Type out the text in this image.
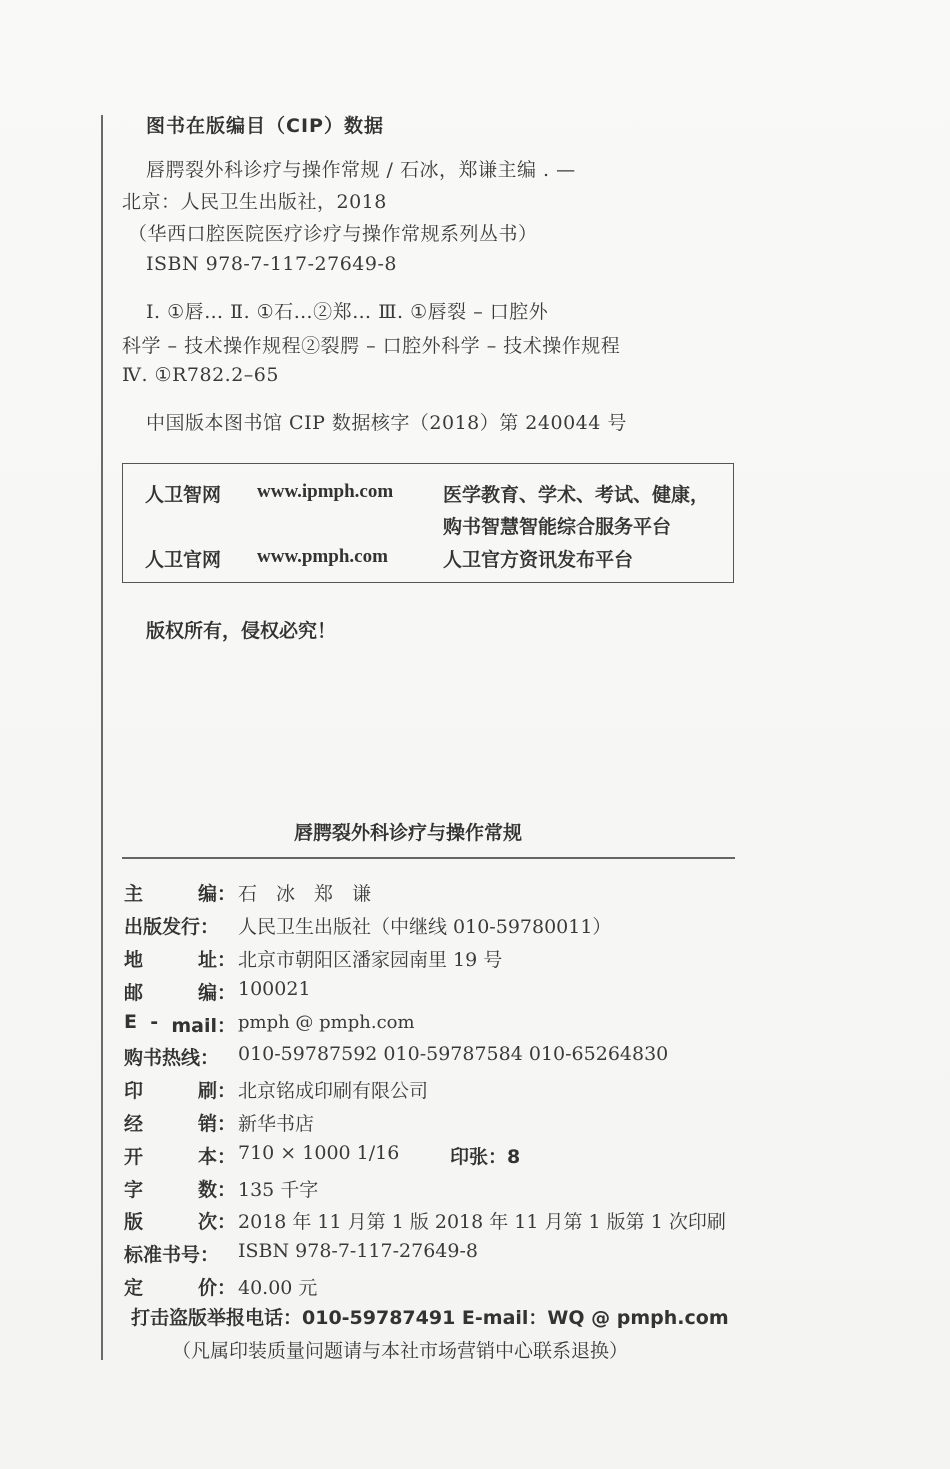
图书在版编目（CIP）数据
唇腭裂外科诊疗与操作常规 / 石冰，郑谦主编 . —
北京：人民卫生出版社，2018
（华西口腔医院医疗诊疗与操作常规系列丛书）
ISBN 978-7-117-27649-8
Ⅰ. ①唇… Ⅱ. ①石…②郑… Ⅲ. ①唇裂 – 口腔外
科学 – 技术操作规程②裂腭 – 口腔外科学 – 技术操作规程
Ⅳ. ①R782.2–65
中国版本图书馆 CIP 数据核字（2018）第 240044 号
人卫智网 www.ipmph.com	医学教育、学术、考试、健康，
购书智慧智能综合服务平台
人卫官网 www.pmph.com	人卫官方资讯发布平台
版权所有，侵权必究！
唇腭裂外科诊疗与操作常规
主	编： 石　冰　郑　谦
出版发行： 人民卫生出版社（中继线 010-59780011）
地	址： 北京市朝阳区潘家园南里 19 号
邮	编： 100021
E - mail： pmph @ pmph.com
购书热线： 010-59787592 010-59787584 010-65264830
印	刷： 北京铭成印刷有限公司
经	销： 新华书店
开	本： 710 × 1000 1/16	印张：8
字	数： 135 千字
版	次： 2018 年 11 月第 1 版 2018 年 11 月第 1 版第 1 次印刷
标准书号： ISBN 978-7-117-27649-8
定	价： 40.00 元
打击盗版举报电话：010-59787491 E-mail：WQ @ pmph.com
（凡属印装质量问题请与本社市场营销中心联系退换）
